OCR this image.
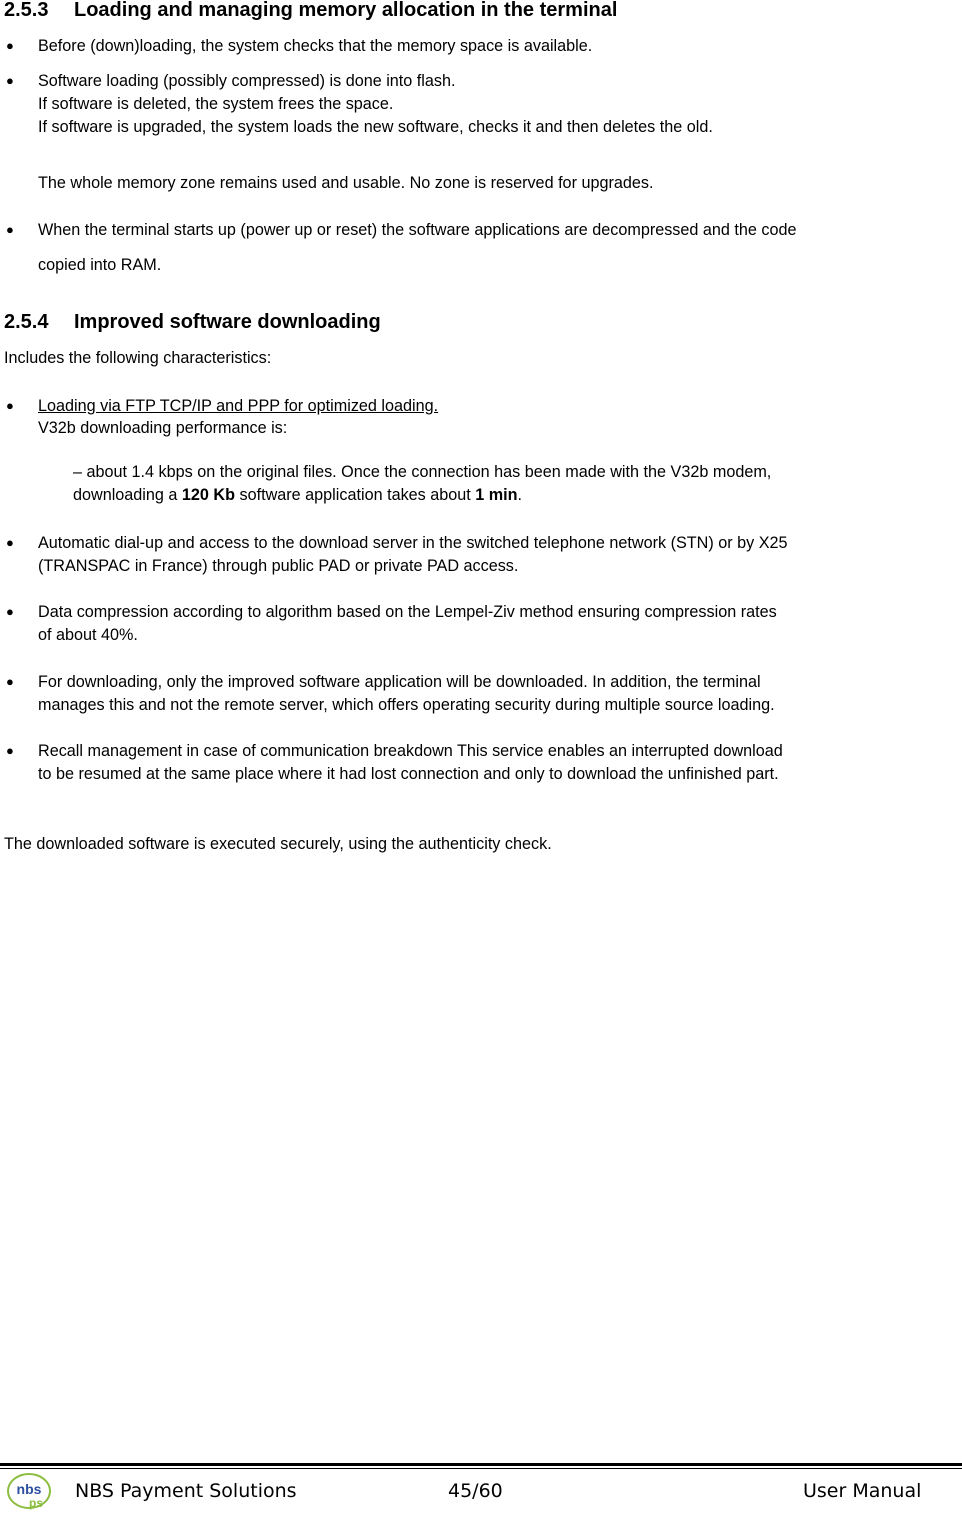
2.5.3 Loading and managing memory allocation in the terminal
● Before (down)loading, the system checks that the memory space is available.
● Software loading (possibly compressed) is done into flash.
If software is deleted, the system frees the space.
If software is upgraded, the system loads the new software, checks it and then deletes the old.
The whole memory zone remains used and usable. No zone is reserved for upgrades.
● When the terminal starts up (power up or reset) the software applications are decompressed and the code
copied into RAM.
2.5.4 Improved software downloading
Includes the following characteristics:
● Loading via FTP TCP/IP and PPP for optimized loading.
V32b downloading performance is:
– about 1.4 kbps on the original files. Once the connection has been made with the V32b modem,
downloading a 120 Kb software application takes about 1 min.
● Automatic dial-up and access to the download server in the switched telephone network (STN) or by X25
(TRANSPAC in France) through public PAD or private PAD access.
● Data compression according to algorithm based on the Lempel-Ziv method ensuring compression rates
of about 40%.
● For downloading, only the improved software application will be downloaded. In addition, the terminal
manages this and not the remote server, which offers operating security during multiple source loading.
● Recall management in case of communication breakdown This service enables an interrupted download
to be resumed at the same place where it had lost connection and only to download the unfinished part.
The downloaded software is executed securely, using the authenticity check.
nbs
ps
NBS Payment Solutions	45/60	User Manual
